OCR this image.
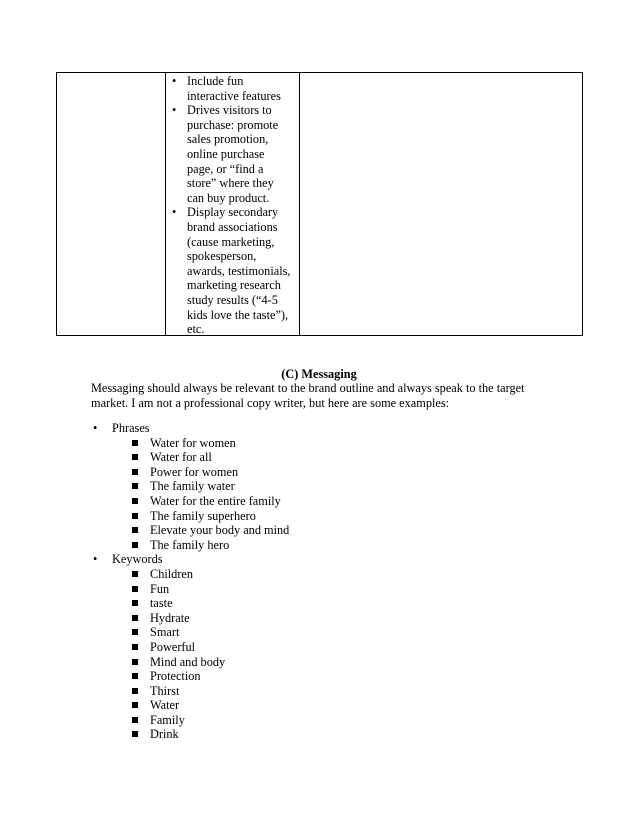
• Include fun
interactive features
• Drives visitors to
purchase: promote
sales promotion,
online purchase
page, or “find a
store” where they
can buy product.
• Display secondary
brand associations
(cause marketing,
spokesperson,
awards, testimonials,
marketing research
study results (“4-5
kids love the taste”),
etc.
(C) Messaging
Messaging should always be relevant to the brand outline and always speak to the target
market. I am not a professional copy writer, but here are some examples:
• Phrases
Water for women
Water for all
Power for women
The family water
Water for the entire family
The family superhero
Elevate your body and mind
The family hero
• Keywords
Children
Fun
taste
Hydrate
Smart
Powerful
Mind and body
Protection
Thirst
Water
Family
Drink
